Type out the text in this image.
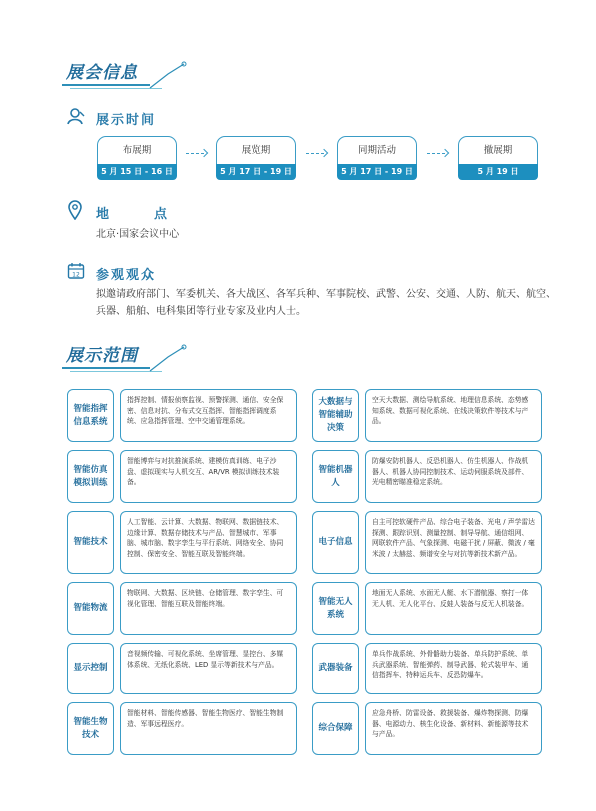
展会信息
展示时间
布展期
5 月 15 日 - 16 日
展览期
5 月 17 日 - 19 日
同期活动
5 月 17 日 - 19 日
撤展期
5 月 19 日
地　点
北京·国家会议中心
12 参观观众
拟邀请政府部门、军委机关、各大战区、各军兵种、军事院校、武警、公安、交通、人防、航天、航空、兵器、船舶、电科集团等行业专家及业内人士。
展示范围
智能指挥信息系统
指挥控制、情报侦察监视、预警探测、通信、安全保密、信息对抗、分布式交互指挥、智能指挥调度系统、应急指挥管理、空中交通管理系统。
智能仿真模拟训练
智能博弈与对抗推演系统、建模仿真训练、电子沙盘、虚拟现实与人机交互、AR/VR 模拟训练技术装备。
智能技术
人工智能、云计算、大数据、物联网、数据链技术、边缘计算、数据存储技术与产品、智慧城市、军事脑、城市脑、数字孪生与平行系统、网络安全、协同控制、保密安全、智能互联及智能终端。
智能物流
物联网、大数据、区块链、仓储管理、数字孪生、可视化管理、智能互联及智能终端。
显示控制
音视频传输、可视化系统、坐席管理、显控台、多媒体系统、无纸化系统、LED 显示等新技术与产品。
智能生物技术
智能材料、智能传感器、智能生物医疗、智能生物制造、军事远程医疗。
大数据与智能辅助决策
空天大数据、测绘导航系统、地理信息系统、态势感知系统、数据可视化系统、在线决策软件等技术与产品。
智能机器人
防爆安防机器人、反恐机器人、仿生机器人、作战机器人、机器人协同控制技术、运动伺服系统及部件、光电精密瞄准稳定系统。
电子信息
自主可控软硬件产品、综合电子装备、光电 / 声学雷达探测、跟踪识别、测量控制、制导导航、通信组网、网联软件产品、气象探测、电磁干扰 / 屏蔽、微波 / 毫米波 / 太赫兹、频谱安全与对抗等新技术新产品。
智能无人系统
地面无人系统、水面无人艇、水下潜航器、察打一体无人机、无人化平台、反蛙人装备与反无人机装备。
武器装备
单兵作战系统、外骨骼助力装备、单兵防护系统、单兵武器系统、智能弹药、制导武器、轮式装甲车、通信指挥车、特种运兵车、反恐防爆车。
综合保障
应急舟桥、防雷设备、救援装备、爆炸物探测、防爆器、电源动力、核生化设备、新材料、新能源等技术与产品。
